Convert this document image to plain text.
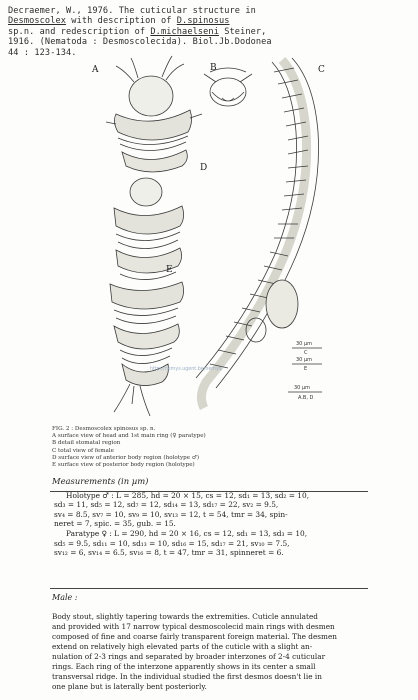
Decraemer, W., 1976. The cuticular structure in
Desmoscolex with description of D.spinosus
sp.n. and redescription of D.michaelseni Steiner,
1916. (Nematoda : Desmoscolecida). Biol.Jb.Dodonea
44 : 123-134.
A	B	C
D
E
30 µm
C
30 µm
E
30 µm
A.B, D
http://nemys.ugent.be/nemys/
FIG. 2 : Desmoscolex spinosus sp. n.
A surface view of head and 1st main ring (♀ paratype)
B detail stomatal region
C total view of female
D surface view of anterior body region (holotype ♂)
E surface view of posterior body region (holotype)
Measurements (in µm)
Holotype ♂ : L = 285, hd = 20 × 15, cs = 12, sd₁ = 13, sd₂ = 10,
sd₃ = 11, sd₅ = 12, sd₇ = 12, sd₁₄ = 13, sd₁₇ = 22, sv₂ = 9.5,
sv₄ = 8.5, sv₇ = 10, sv₉ = 10, sv₁₃ = 12, t = 54, tmr = 34, spin-
neret = 7, spic. = 35, gub. = 15.
Paratype ♀ : L = 290, hd = 20 × 16, cs = 12, sd₁ = 13, sd₃ = 10,
sd₅ = 9.5, sd₁₁ = 10, sd₁₃ = 10, sd₁₆ = 15, sd₁₇ = 21, sv₁₀ = 7.5,
sv₁₂ = 6, sv₁₄ = 6.5, sv₁₆ = 8, t = 47, tmr = 31, spinneret = 6.
Male :
Body stout, slightly tapering towards the extremities. Cuticle annulated
and provided with 17 narrow typical desmoscolecid main rings with desmen
composed of fine and coarse fairly transparent foreign material. The desmen
extend on relatively high elevated parts of the cuticle with a slight an-
nulation of 2-3 rings and separated by broader interzones of 2-4 cuticular
rings. Each ring of the interzone apparently shows in its center a small
transversal ridge. In the individual studied the first desmos doesn't lie in
one plane but is laterally bent posteriorly.
